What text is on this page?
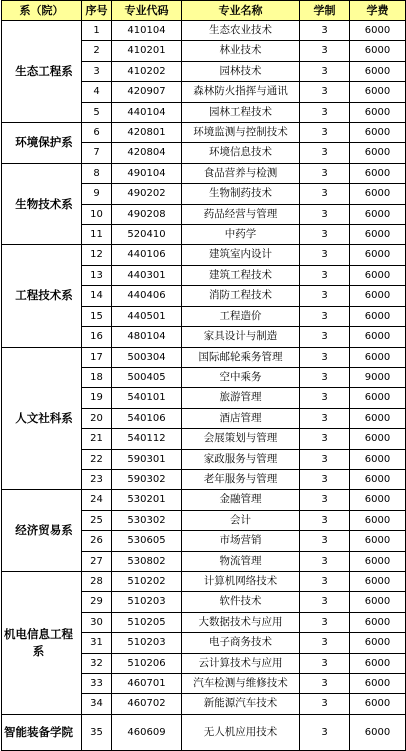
系（院）	序号	专业代码	专业名称	学制	学费
生态工程系	1	410104	生态农业技术	3	6000
	2	410201	林业技术	3	6000
	3	410202	园林技术	3	6000
	4	420907	森林防火指挥与通讯	3	6000
	5	440104	园林工程技术	3	6000
环境保护系	6	420801	环境监测与控制技术	3	6000
	7	420804	环境信息技术	3	6000
生物技术系	8	490104	食品营养与检测	3	6000
	9	490202	生物制药技术	3	6000
	10	490208	药品经营与管理	3	6000
	11	520410	中药学	3	6000
工程技术系	12	440106	建筑室内设计	3	6000
	13	440301	建筑工程技术	3	6000
	14	440406	消防工程技术	3	6000
	15	440501	工程造价	3	6000
	16	480104	家具设计与制造	3	6000
人文社科系	17	500304	国际邮轮乘务管理	3	6000
	18	500405	空中乘务	3	9000
	19	540101	旅游管理	3	6000
	20	540106	酒店管理	3	6000
	21	540112	会展策划与管理	3	6000
	22	590301	家政服务与管理	3	6000
	23	590302	老年服务与管理	3	6000
经济贸易系	24	530201	金融管理	3	6000
	25	530302	会计	3	6000
	26	530605	市场营销	3	6000
	27	530802	物流管理	3	6000
机电信息工程系	28	510202	计算机网络技术	3	6000
	29	510203	软件技术	3	6000
	30	510205	大数据技术与应用	3	6000
	31	510203	电子商务技术	3	6000
	32	510206	云计算技术与应用	3	6000
	33	460701	汽车检测与维修技术	3	6000
	34	460702	新能源汽车技术	3	6000
智能装备学院	35	460609	无人机应用技术	3	6000
